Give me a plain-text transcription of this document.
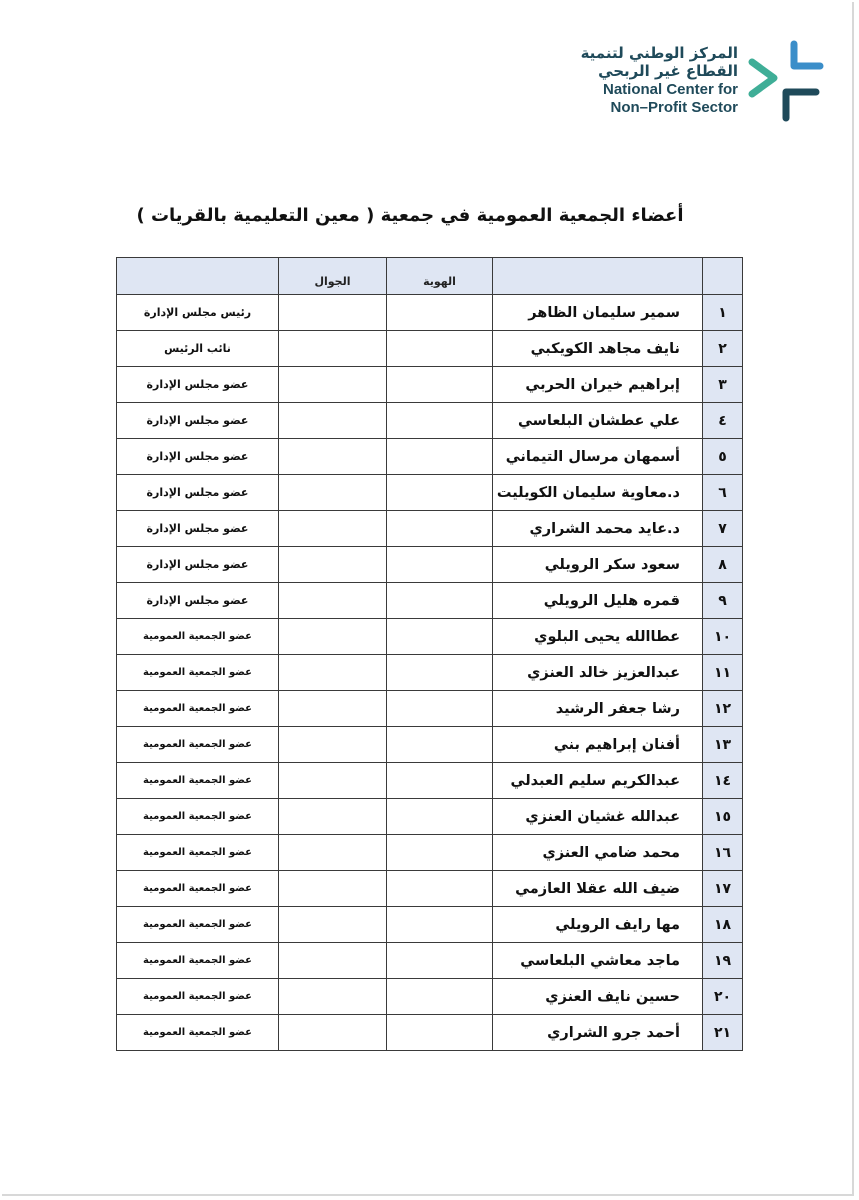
المركز الوطني لتنمية
القطاع غير الربحي
National Center for
Non–Profit Sector
أعضاء الجمعية العمومية في جمعية ( معين التعليمية بالقريات )
		الهوية	الجوال	
١	سمير سليمان الظاهر			رئيس مجلس الإدارة
٢	نايف مجاهد الكويكبي			نائب الرئيس
٣	إبراهيم خيران الحربي			عضو مجلس الإدارة
٤	علي عطشان البلعاسي			عضو مجلس الإدارة
٥	أسمهان مرسال التيماني			عضو مجلس الإدارة
٦	د.معاوية سليمان الكويليت			عضو مجلس الإدارة
٧	د.عايد محمد الشراري			عضو مجلس الإدارة
٨	سعود سكر الرويلي			عضو مجلس الإدارة
٩	قمره هليل الرويلي			عضو مجلس الإدارة
١٠	عطاالله يحيى البلوي			عضو الجمعية العمومية
١١	عبدالعزيز خالد العنزي			عضو الجمعية العمومية
١٢	رشا جعفر الرشيد			عضو الجمعية العمومية
١٣	أفنان إبراهيم بني			عضو الجمعية العمومية
١٤	عبدالكريم سليم العبدلي			عضو الجمعية العمومية
١٥	عبدالله غشيان العنزي			عضو الجمعية العمومية
١٦	محمد ضامي العنزي			عضو الجمعية العمومية
١٧	ضيف الله عقلا العازمي			عضو الجمعية العمومية
١٨	مها رايف الرويلي			عضو الجمعية العمومية
١٩	ماجد معاشي البلعاسي			عضو الجمعية العمومية
٢٠	حسين نايف العنزي			عضو الجمعية العمومية
٢١	أحمد جرو الشراري			عضو الجمعية العمومية
